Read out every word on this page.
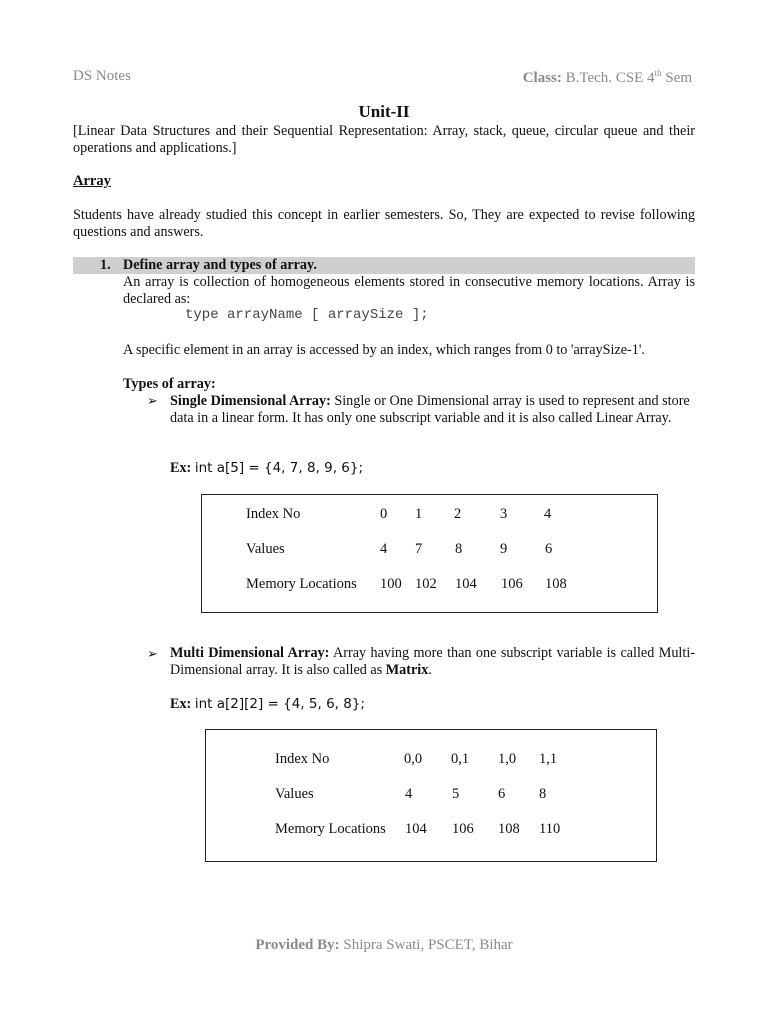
DS Notes	Class: B.Tech. CSE 4th Sem
Unit-II
[Linear Data Structures and their Sequential Representation: Array, stack, queue, circular queue and their operations and applications.]
Array
Students have already studied this concept in earlier semesters. So, They are expected to revise following questions and answers.
1. Define array and types of array.
An array is collection of homogeneous elements stored in consecutive memory locations. Array is declared as:
type arrayName [ arraySize ];
A specific element in an array is accessed by an index, which ranges from 0 to 'arraySize-1'.
Types of array:
➢ Single Dimensional Array: Single or One Dimensional array is used to represent and store data in a linear form. It has only one subscript variable and it is also called Linear Array.
Ex: int a[5] = {4, 7, 8, 9, 6};
Index No	0 1 2	3	4
Values	4 7 8	9	6
Memory Locations 100 102 104 106 108
➢ Multi Dimensional Array: Array having more than one subscript variable is called Multi-Dimensional array. It is also called as Matrix.
Ex: int a[2][2] = {4, 5, 6, 8};
Index No	0,0 0,1 1,0 1,1
Values	4	5	6 8
Memory Locations 104 106 108 110
Provided By: Shipra Swati, PSCET, Bihar
